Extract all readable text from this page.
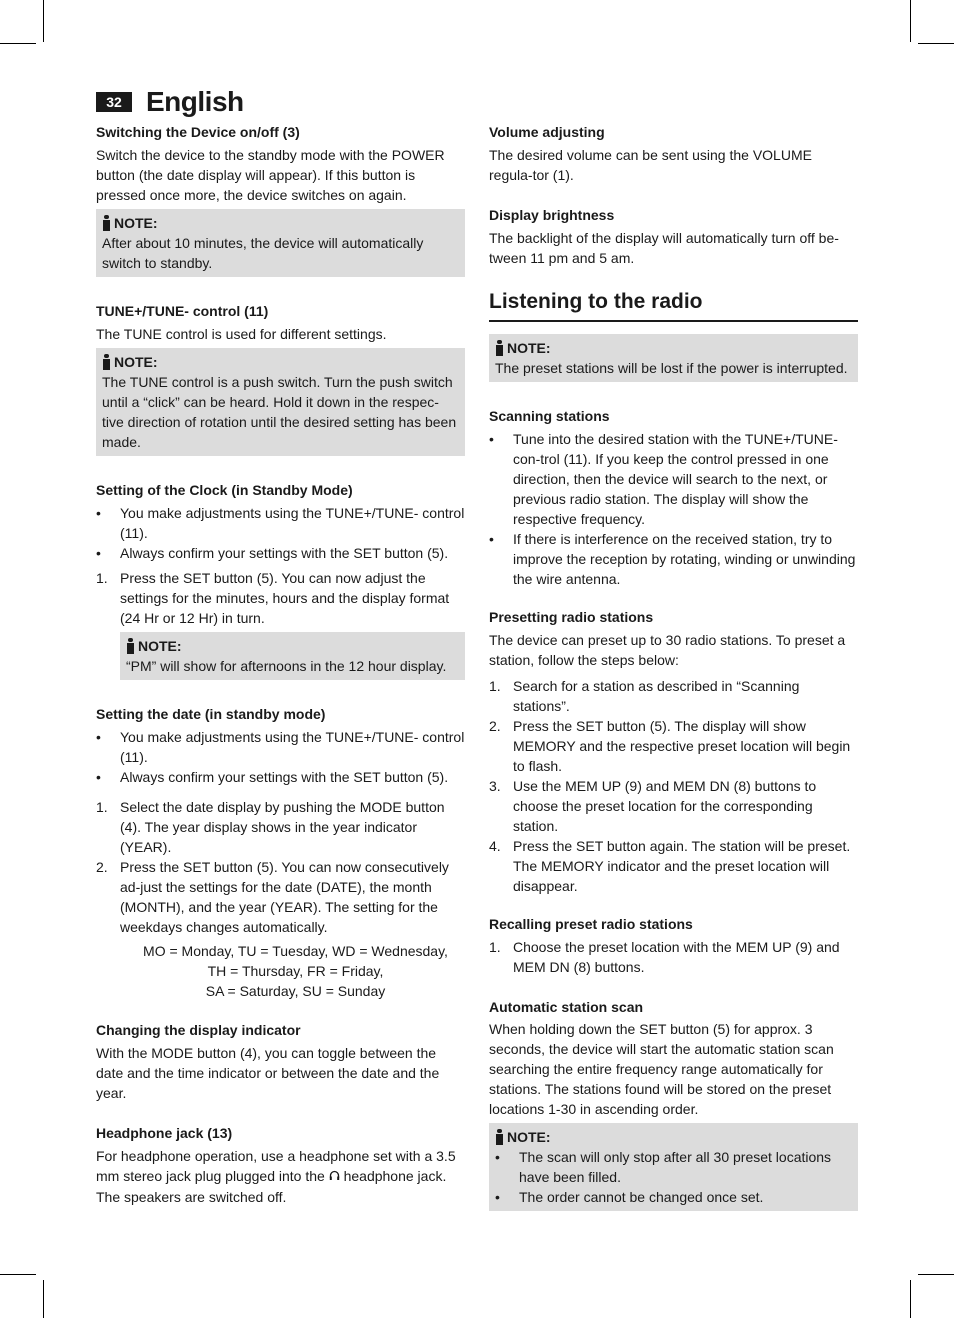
32 English

Switching the Device on/off (3)

Switch the device to the standby mode with the POWER button (the date display will appear). If this button is pressed once more, the device switches on again.

NOTE:

After about 10 minutes, the device will automatically switch to standby.

TUNE+/TUNE- control (11)

The TUNE control is used for different settings.

NOTE:

The TUNE control is a push switch. Turn the push switch until a “click” can be heard. Hold it down in the respec-tive direction of rotation until the desired setting has been made.

Setting of the Clock (in Standby Mode)

• You make adjustments using the TUNE+/TUNE- control (11).
• Always confirm your settings with the SET button (5).
1. Press the SET button (5). You can now adjust the settings for the minutes, hours and the display format (24 Hr or 12 Hr) in turn.
NOTE:

“PM” will show for afternoons in the 12 hour display.

Setting the date (in standby mode)

• You make adjustments using the TUNE+/TUNE- control (11).
• Always confirm your settings with the SET button (5).
1. Select the date display by pushing the MODE button (4). The year display shows in the year indicator (YEAR).
2. Press the SET button (5). You can now consecutively ad-just the settings for the date (DATE), the month (MONTH), and the year (YEAR). The setting for the weekdays changes automatically.
MO = Monday, TU = Tuesday, WD = Wednesday,
TH = Thursday, FR = Friday,
SA = Saturday, SU = Sunday

Changing the display indicator

With the MODE button (4), you can toggle between the date and the time indicator or between the date and the year.

Headphone jack (13)

For headphone operation, use a headphone set with a 3.5 mm stereo jack plug plugged into the headphone jack. The speakers are switched off.

Volume adjusting

The desired volume can be sent using the VOLUME regula-tor (1).

Display brightness

The backlight of the display will automatically turn off be-tween 11 pm and 5 am.

Listening to the radio
NOTE:

The preset stations will be lost if the power is interrupted.

Scanning stations

• Tune into the desired station with the TUNE+/TUNE- con-trol (11). If you keep the control pressed in one direction, then the device will search to the next, or previous radio station. The display will show the respective frequency.
• If there is interference on the received station, try to improve the reception by rotating, winding or unwinding the wire antenna.

Presetting radio stations

The device can preset up to 30 radio stations. To preset a station, follow the steps below:

1. Search for a station as described in “Scanning stations”.
2. Press the SET button (5). The display will show MEMORY and the respective preset location will begin to flash.
3. Use the MEM UP (9) and MEM DN (8) buttons to choose the preset location for the corresponding station.
4. Press the SET button again. The station will be preset. The MEMORY indicator and the preset location will disappear.

Recalling preset radio stations

1. Choose the preset location with the MEM UP (9) and MEM DN (8) buttons.

Automatic station scan

When holding down the SET button (5) for approx. 3 seconds, the device will start the automatic station scan searching the entire frequency range automatically for stations. The stations found will be stored on the preset locations 1-30 in ascending order.

NOTE:
• The scan will only stop after all 30 preset locations have been filled.
• The order cannot be changed once set.
